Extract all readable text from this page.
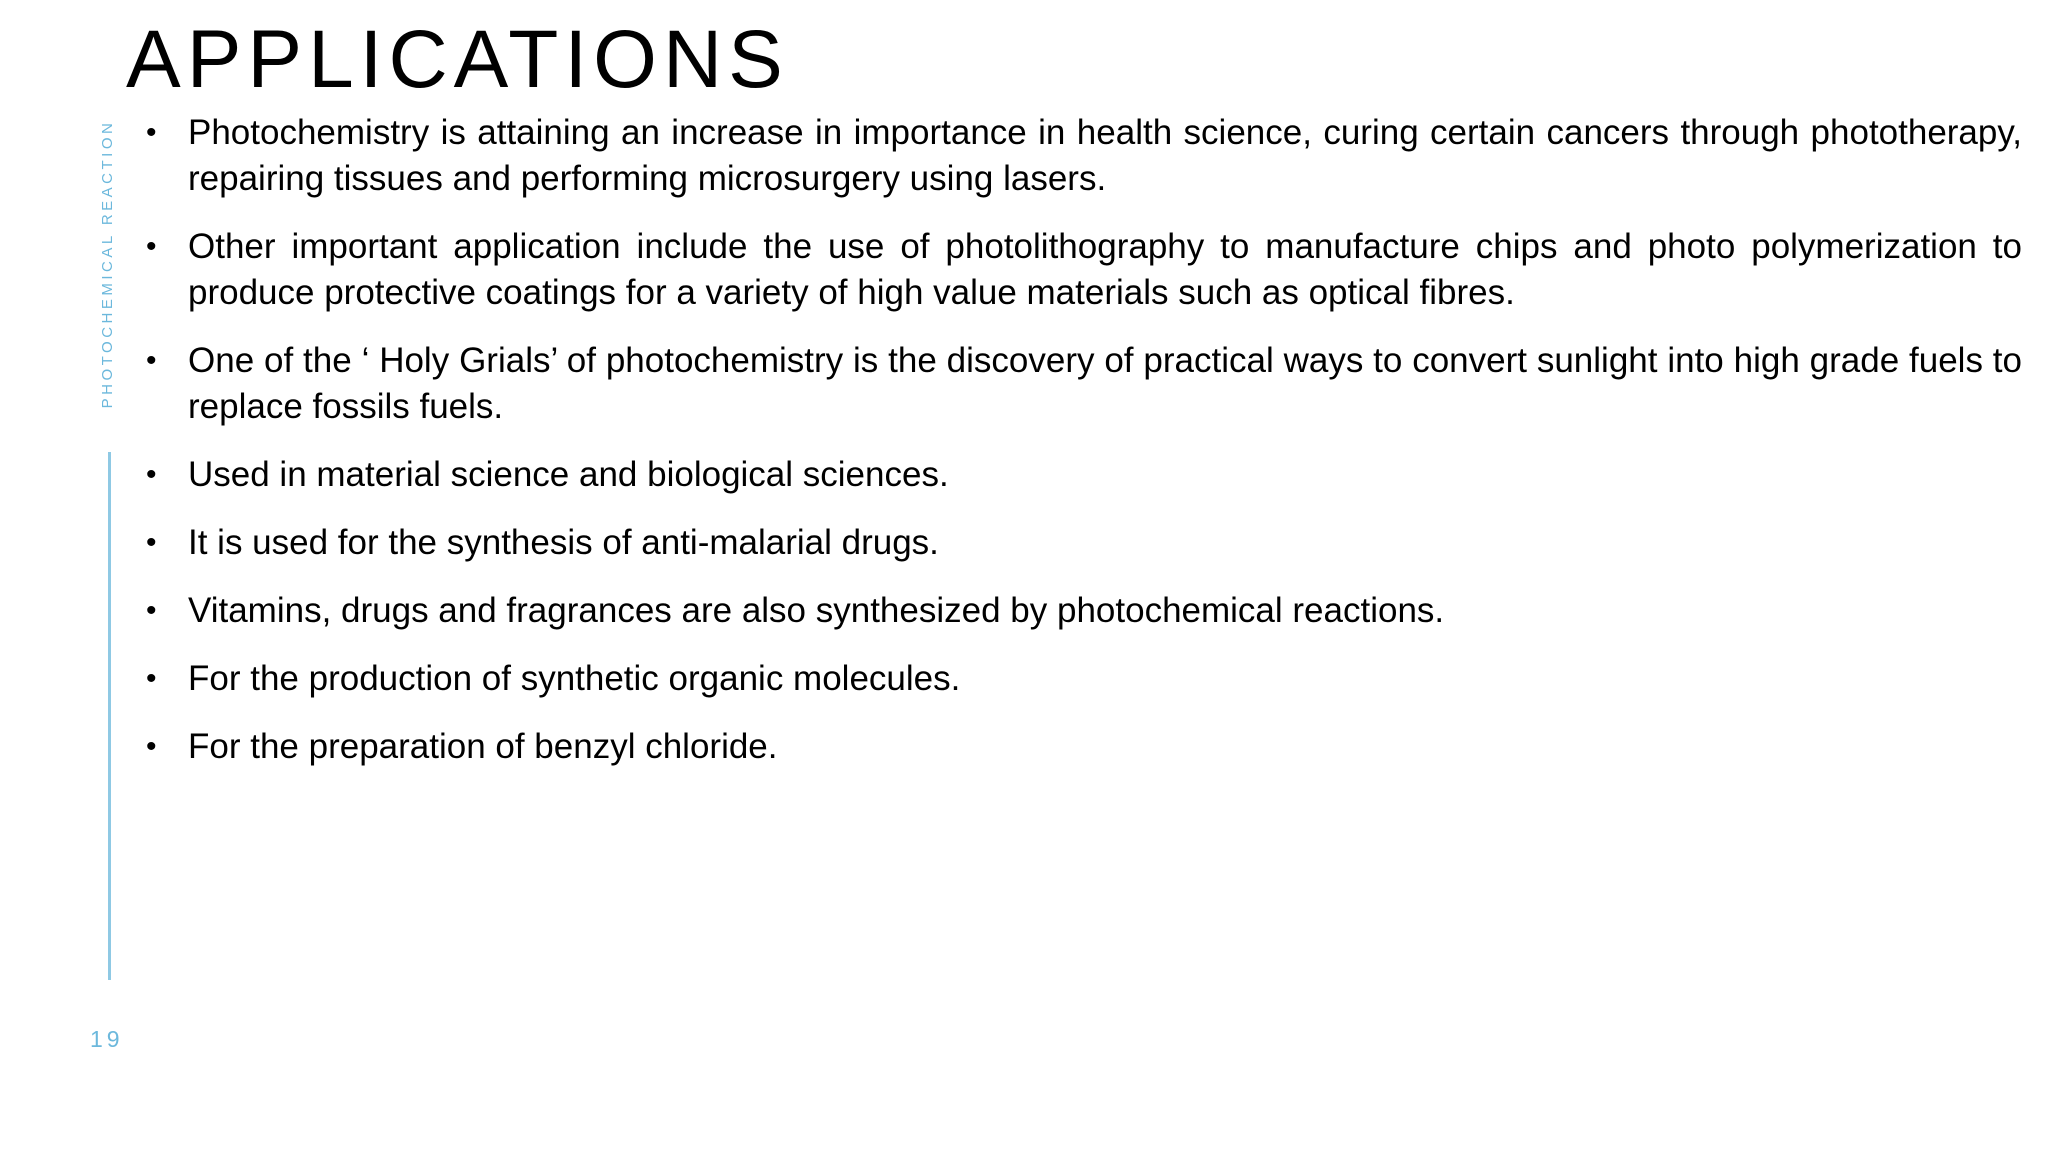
APPLICATIONS
PHOTOCHEMICAL REACTION
19
• Photochemistry is attaining an increase in importance in health science, curing certain cancers through phototherapy, repairing tissues and performing microsurgery using lasers.
• Other important application include the use of photolithography to manufacture chips and photo polymerization to produce protective coatings for a variety of high value materials such as optical fibres.
• One of the ‘ Holy Grials’ of photochemistry is the discovery of practical ways to convert sunlight into high grade fuels to replace fossils fuels.
• Used in material science and biological sciences.
• It is used for the synthesis of anti-malarial drugs.
• Vitamins, drugs and fragrances are also synthesized by photochemical reactions.
• For the production of synthetic organic molecules.
• For the preparation of benzyl chloride.
